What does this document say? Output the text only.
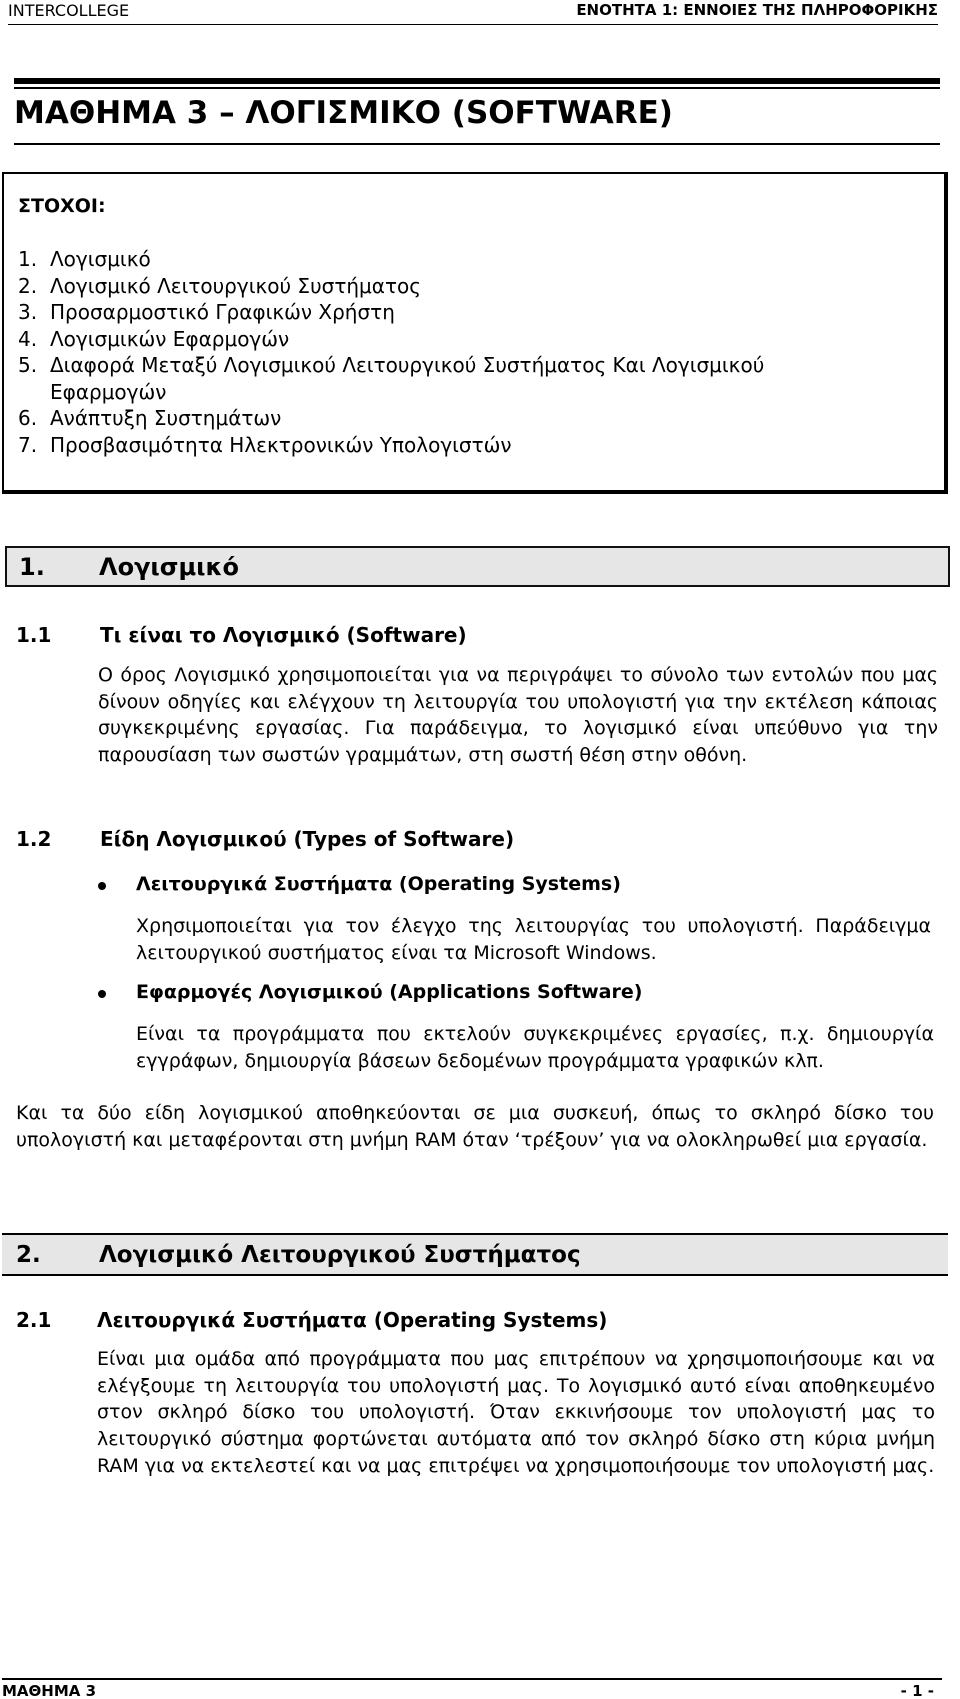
INTERCOLLEGE	ΕΝΟΤΗΤΑ 1: ΕΝΝΟΙΕΣ ΤΗΣ ΠΛΗΡΟΦΟΡΙΚΗΣ
ΜΑΘΗΜΑ 3 – ΛΟΓΙΣΜΙΚΟ (SOFTWARE)
ΣΤΟΧΟΙ:
1. Λογισμικό
2. Λογισμικό Λειτουργικού Συστήματος
3. Προσαρμοστικό Γραφικών Χρήστη
4. Λογισμικών Εφαρμογών
5. Διαφορά Μεταξύ Λογισμικού Λειτουργικού Συστήματος Και Λογισμικού Εφαρμογών
6. Ανάπτυξη Συστημάτων
7. Προσβασιμότητα Ηλεκτρονικών Υπολογιστών
1. Λογισμικό
1.1 Τι είναι το Λογισμικό (Software)
Ο όρος Λογισμικό χρησιμοποιείται για να περιγράψει το σύνολο των εντολών που μας δίνουν οδηγίες και ελέγχουν τη λειτουργία του υπολογιστή για την εκτέλεση κάποιας συγκεκριμένης εργασίας. Για παράδειγμα, το λογισμικό είναι υπεύθυνο για την παρουσίαση των σωστών γραμμάτων, στη σωστή θέση στην οθόνη.
1.2 Είδη Λογισμικού (Types of Software)
Λειτουργικά Συστήματα (Operating Systems)
Χρησιμοποιείται για τον έλεγχο της λειτουργίας του υπολογιστή. Παράδειγμα λειτουργικού συστήματος είναι τα Microsoft Windows.
Εφαρμογές Λογισμικού (Applications Software)
Είναι τα προγράμματα που εκτελούν συγκεκριμένες εργασίες, π.χ. δημιουργία εγγράφων, δημιουργία βάσεων δεδομένων προγράμματα γραφικών κλπ.
Και τα δύο είδη λογισμικού αποθηκεύονται σε μια συσκευή, όπως το σκληρό δίσκο του υπολογιστή και μεταφέρονται στη μνήμη RAM όταν ‘τρέξουν’ για να ολοκληρωθεί μια εργασία.
2.	Λογισμικό Λειτουργικού Συστήματος
2.1 Λειτουργικά Συστήματα (Operating Systems)
Είναι μια ομάδα από προγράμματα που μας επιτρέπουν να χρησιμοποιήσουμε και να ελέγξουμε τη λειτουργία του υπολογιστή μας. Το λογισμικό αυτό είναι αποθηκευμένο στον σκληρό δίσκο του υπολογιστή. Όταν εκκινήσουμε τον υπολογιστή μας το λειτουργικό σύστημα φορτώνεται αυτόματα από τον σκληρό δίσκο στη κύρια μνήμη RAM για να εκτελεστεί και να μας επιτρέψει να χρησιμοποιήσουμε τον υπολογιστή μας.
ΜΑΘΗΜΑ 3	- 1 -
